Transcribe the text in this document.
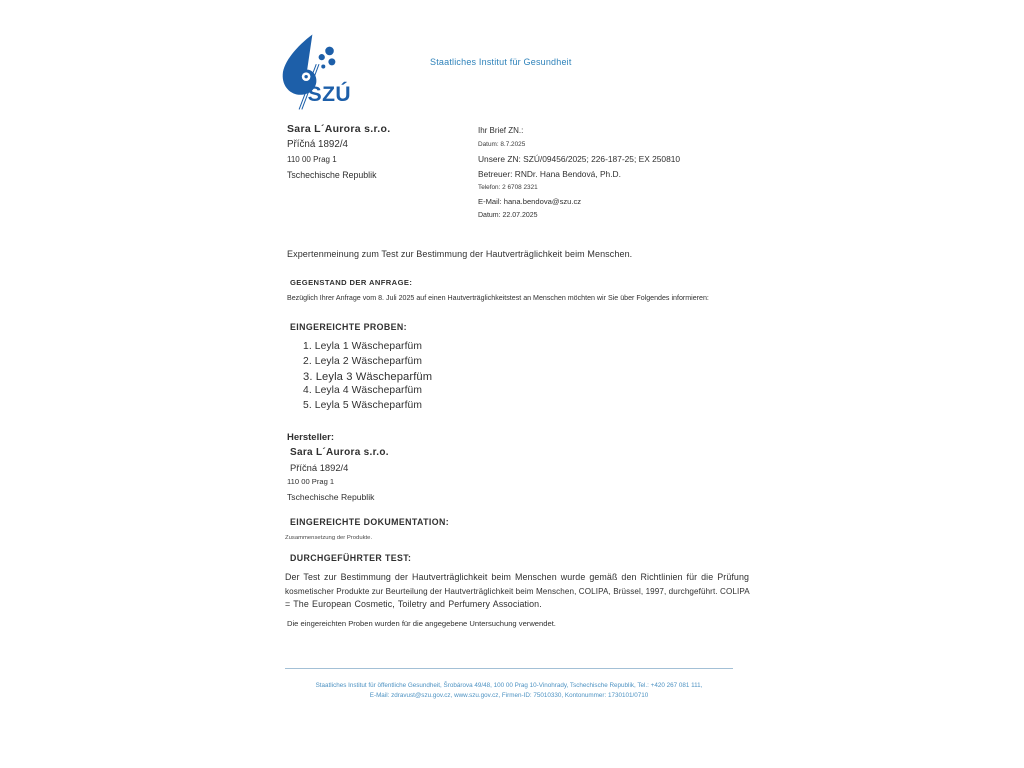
SZÚ
Staatliches Institut für Gesundheit
Sara L´Aurora s.r.o.
Příčná 1892/4
110 00 Prag 1
Tschechische Republik
Ihr Brief ZN.:
Datum: 8.7.2025
Unsere ZN: SZÚ/09456/2025; 226-187-25; EX 250810
Betreuer: RNDr. Hana Bendová, Ph.D.
Telefon: 2 6708 2321
E-Mail: hana.bendova@szu.cz
Datum: 22.07.2025
Expertenmeinung zum Test zur Bestimmung der Hautverträglichkeit beim Menschen.
GEGENSTAND DER ANFRAGE:
Bezüglich Ihrer Anfrage vom 8. Juli 2025 auf einen Hautverträglichkeitstest an Menschen möchten wir Sie über Folgendes informieren:
EINGEREICHTE PROBEN:
1. Leyla 1 Wäscheparfüm
2. Leyla 2 Wäscheparfüm
3. Leyla 3 Wäscheparfüm
4. Leyla 4 Wäscheparfüm
5. Leyla 5 Wäscheparfüm
Hersteller:
Sara L´Aurora s.r.o.
Příčná 1892/4
110 00 Prag 1
Tschechische Republik
EINGEREICHTE DOKUMENTATION:
Zusammensetzung der Produkte.
DURCHGEFÜHRTER TEST:
Der Test zur Bestimmung der Hautverträglichkeit beim Menschen wurde gemäß den Richtlinien für die Prüfung
kosmetischer Produkte zur Beurteilung der Hautverträglichkeit beim Menschen, COLIPA, Brüssel, 1997, durchgeführt. COLIPA
= The European Cosmetic, Toiletry and Perfumery Association.
Die eingereichten Proben wurden für die angegebene Untersuchung verwendet.
Staatliches Institut für öffentliche Gesundheit, Šrobárova 49/48, 100 00 Prag 10-Vinohrady, Tschechische Republik, Tel.: +420 267 081 111,
E-Mail: zdravust@szu.gov.cz, www.szu.gov.cz, Firmen-ID: 75010330, Kontonummer: 1730101/0710
